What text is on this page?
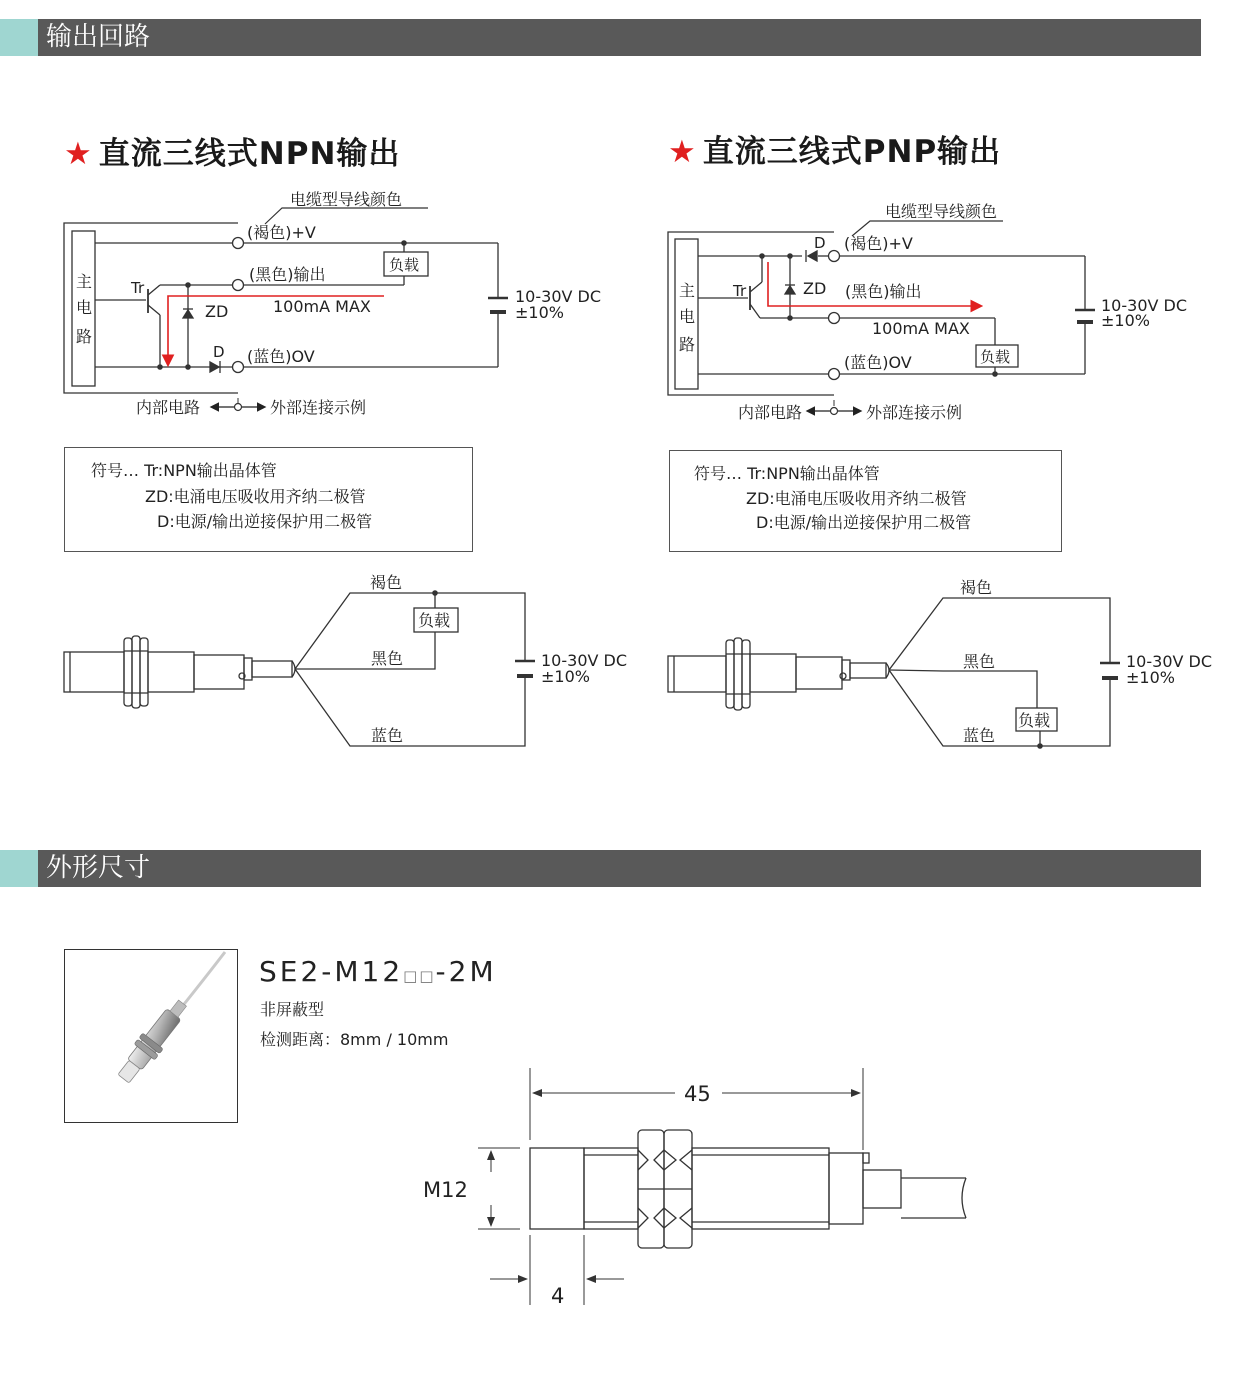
输出回路
★ 直流三线式NPN输出	★ 直流三线式PNP输出
电缆型导线颜色
(褐色)+V
(黑色)输出
(蓝色)OV
主
电
路
Tr
ZD
D
100mA MAX
负载
10-30V DC
±10%
内部电路	外部连接示例
电缆型导线颜色
(褐色)+V
(黑色)输出
(蓝色)OV
主
电
路
Tr	ZD
D
100mA MAX
负载
10-30V DC
±10%
内部电路	外部连接示例
符号… Tr:NPN输出晶体管
ZD:电涌电压吸收用齐纳二极管
D:电源/输出逆接保护用二极管
符号… Tr:NPN输出晶体管
ZD:电涌电压吸收用齐纳二极管
D:电源/输出逆接保护用二极管
负载
褐色
黑色
蓝色
10-30V DC
±10%
负载
褐色
黑色
蓝色
10-30V DC
±10%
外形尺寸
SE2-M12□□-2M
非屏蔽型
检测距离：8mm / 10mm
45
M12
4
